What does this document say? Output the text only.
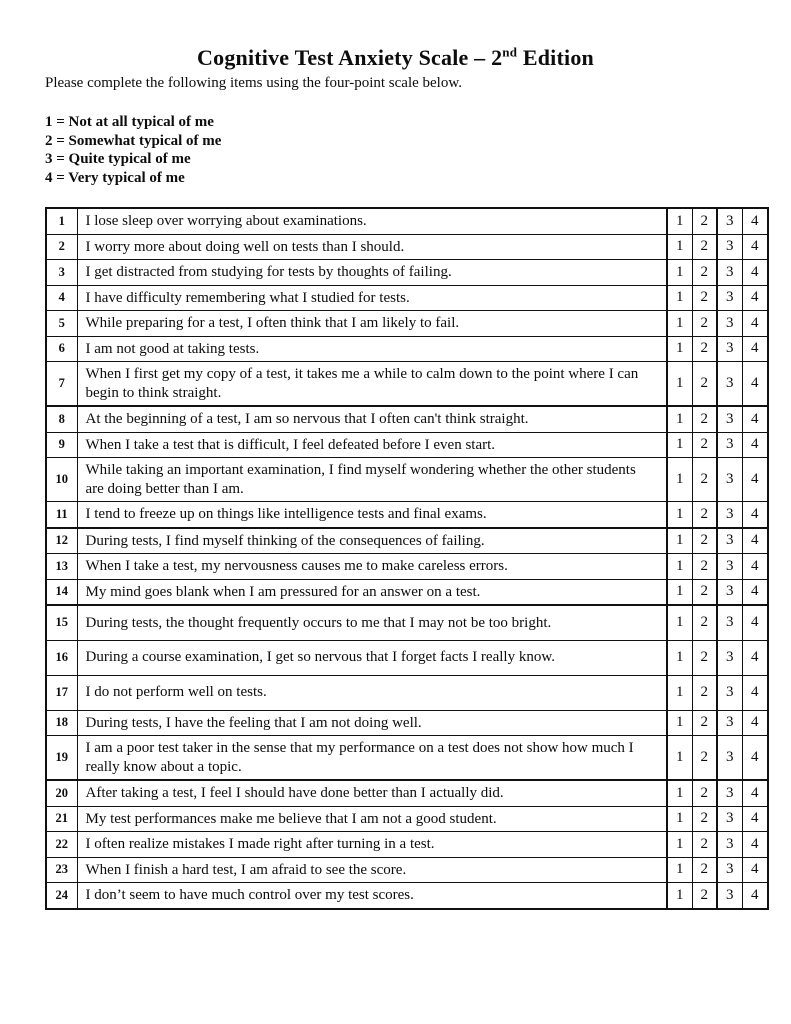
Cognitive Test Anxiety Scale – 2nd Edition

Please complete the following items using the four-point scale below.

1 = Not at all typical of me
2 = Somewhat typical of me
3 = Quite typical of me
4 = Very typical of me
1	I lose sleep over worrying about examinations.	1	2	3	4
2	I worry more about doing well on tests than I should.	1	2	3	4
3	I get distracted from studying for tests by thoughts of failing.	1	2	3	4
4	I have difficulty remembering what I studied for tests.	1	2	3	4
5	While preparing for a test, I often think that I am likely to fail.	1	2	3	4
6	I am not good at taking tests.	1	2	3	4
7	When I first get my copy of a test, it takes me a while to calm down to the point where I can begin to think straight.	1	2	3	4
8	At the beginning of a test, I am so nervous that I often can't think straight.	1	2	3	4
9	When I take a test that is difficult, I feel defeated before I even start.	1	2	3	4
10	While taking an important examination, I find myself wondering whether the other students are doing better than I am.	1	2	3	4
11	I tend to freeze up on things like intelligence tests and final exams.	1	2	3	4
12	During tests, I find myself thinking of the consequences of failing.	1	2	3	4
13	When I take a test, my nervousness causes me to make careless errors.	1	2	3	4
14	My mind goes blank when I am pressured for an answer on a test.	1	2	3	4
15	During tests, the thought frequently occurs to me that I may not be too bright.	1	2	3	4
16	During a course examination, I get so nervous that I forget facts I really know.	1	2	3	4
17	I do not perform well on tests.	1	2	3	4
18	During tests, I have the feeling that I am not doing well.	1	2	3	4
19	I am a poor test taker in the sense that my performance on a test does not show how much I really know about a topic.	1	2	3	4
20	After taking a test, I feel I should have done better than I actually did.	1	2	3	4
21	My test performances make me believe that I am not a good student.	1	2	3	4
22	I often realize mistakes I made right after turning in a test.	1	2	3	4
23	When I finish a hard test, I am afraid to see the score.	1	2	3	4
24	I don’t seem to have much control over my test scores.	1	2	3	4
